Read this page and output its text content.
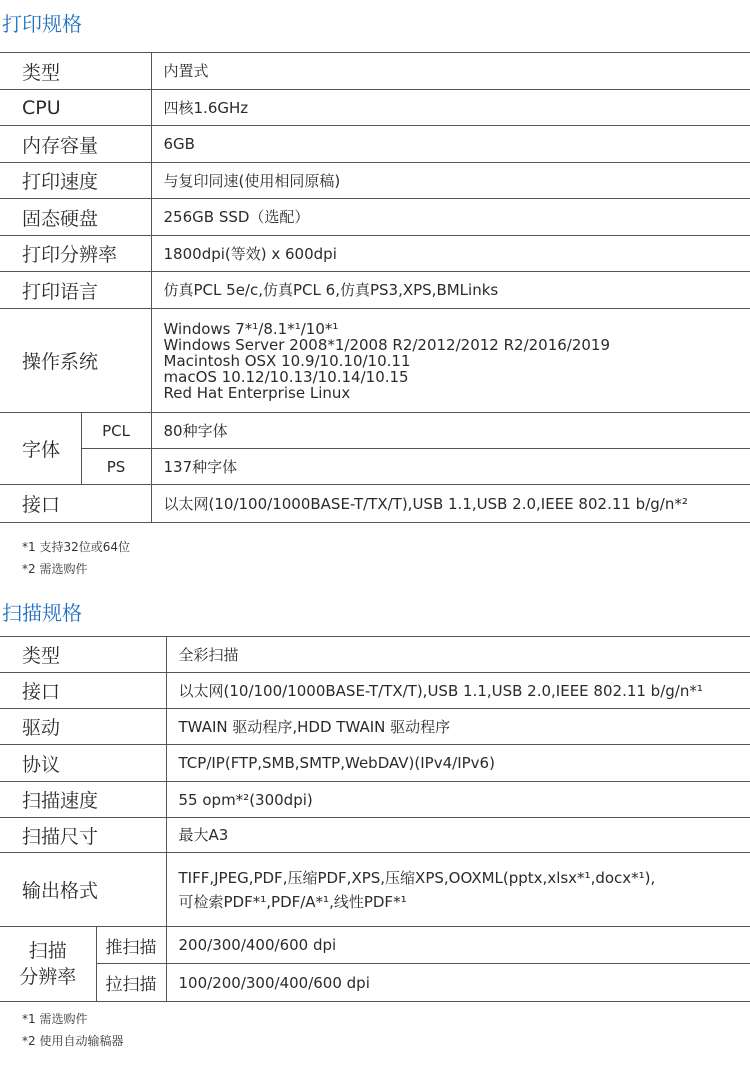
打印规格
类型		内置式
CPU		四核1.6GHz
内存容量		6GB
打印速度		与复印同速(使用相同原稿)
固态硬盘		256GB SSD（选配）
打印分辨率		1800dpi(等效) x 600dpi
打印语言		仿真PCL 5e/c,仿真PCL 6,仿真PS3,XPS,BMLinks
操作系统		Windows 7*¹/8.1*¹/10*¹
Windows Server 2008*1/2008 R2/2012/2012 R2/2016/2019
Macintosh OSX 10.9/10.10/10.11
macOS 10.12/10.13/10.14/10.15
Red Hat Enterprise Linux

字体	PCL	80种字体
	PS	137种字体
接口		以太网(10/100/1000BASE-T/TX/T),USB 1.1,USB 2.0,IEEE 802.11 b/g/n*²
*1 支持32位或64位
*2 需选购件
扫描规格
类型		全彩扫描
接口		以太网(10/100/1000BASE-T/TX/T),USB 1.1,USB 2.0,IEEE 802.11 b/g/n*¹
驱动		TWAIN 驱动程序,HDD TWAIN 驱动程序
协议		TCP/IP(FTP,SMB,SMTP,WebDAV)(IPv4/IPv6)
扫描速度		55 opm*²(300dpi)
扫描尺寸		最大A3
输出格式		TIFF,JPEG,PDF,压缩PDF,XPS,压缩XPS,OOXML(pptx,xlsx*¹,docx*¹),
可检索PDF*¹,PDF/A*¹,线性PDF*¹

扫描
分辨率	推扫描	200/300/400/600 dpi
	拉扫描	100/200/300/400/600 dpi
*1 需选购件
*2 使用自动输稿器
